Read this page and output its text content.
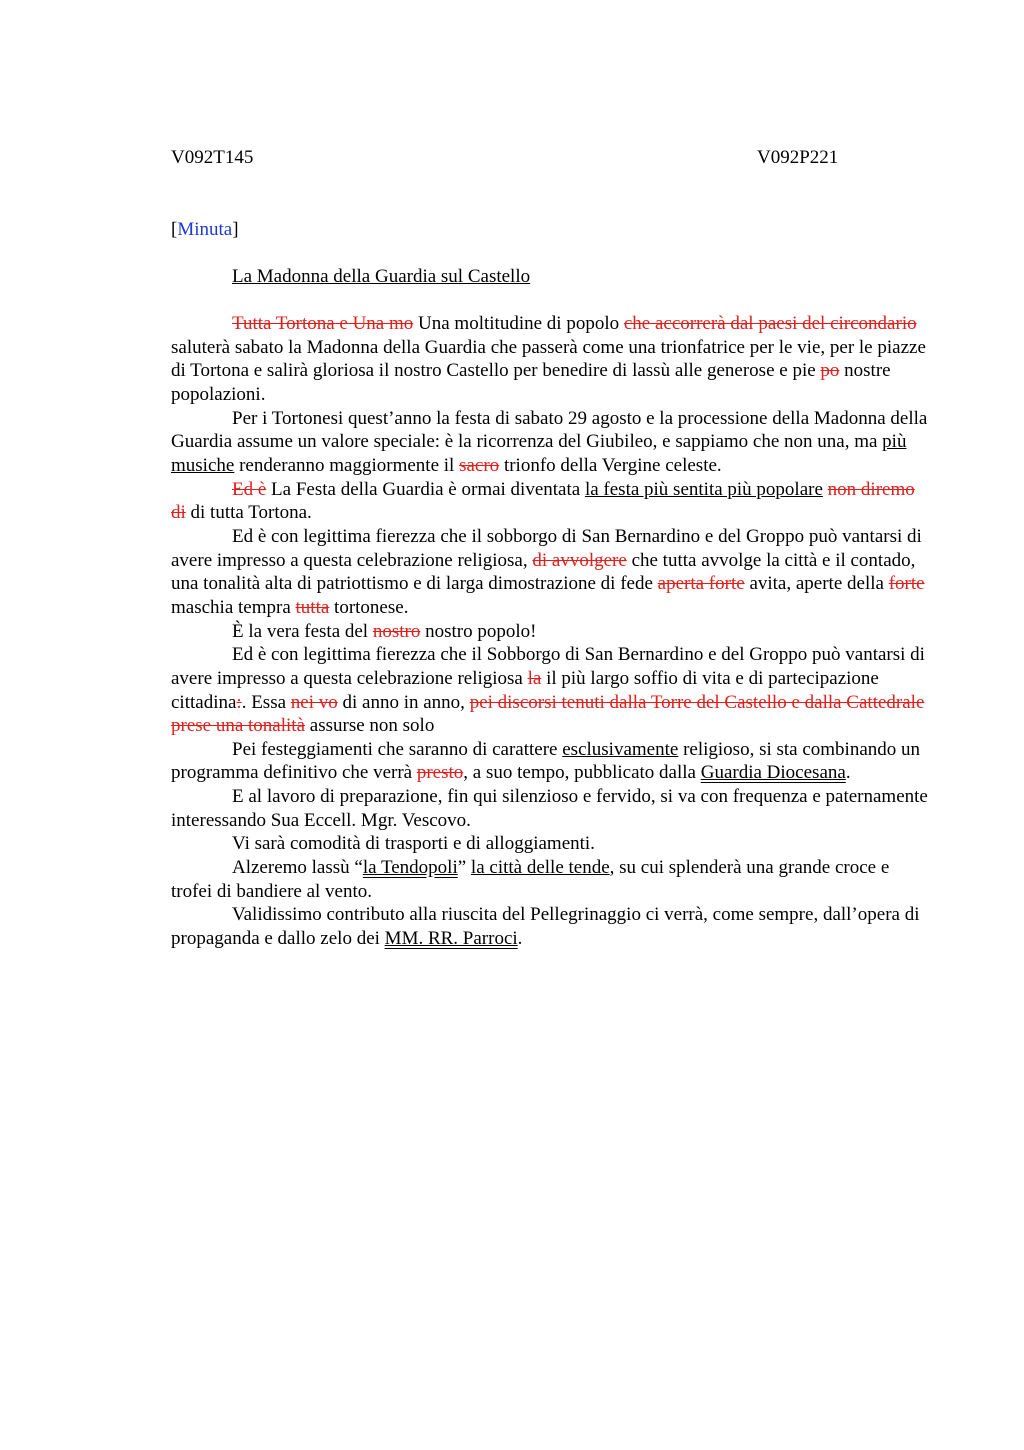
V092T145	V092P221
[Minuta]
La Madonna della Guardia sul Castello

Tutta Tortona e Una mo Una moltitudine di popolo che accorrerà dal paesi del circondario saluterà sabato la Madonna della Guardia che passerà come una trionfatrice per le vie, per le piazze di Tortona e salirà gloriosa il nostro Castello per benedire di lassù alle generose e pie po nostre popolazioni.

Per i Tortonesi quest’anno la festa di sabato 29 agosto e la processione della Madonna della Guardia assume un valore speciale: è la ricorrenza del Giubileo, e sappiamo che non una, ma più musiche renderanno maggiormente il sacro trionfo della Vergine celeste.

Ed è La Festa della Guardia è ormai diventata la festa più sentita più popolare non diremo di di tutta Tortona.

Ed è con legittima fierezza che il sobborgo di San Bernardino e del Groppo può vantarsi di avere impresso a questa celebrazione religiosa, di avvolgere che tutta avvolge la città e il contado, una tonalità alta di patriottismo e di larga dimostrazione di fede aperta forte avita, aperte della forte maschia tempra tutta tortonese.

È la vera festa del nostro nostro popolo!

Ed è con legittima fierezza che il Sobborgo di San Bernardino e del Groppo può vantarsi di avere impresso a questa celebrazione religiosa la il più largo soffio di vita e di partecipazione cittadina:. Essa nei vo di anno in anno, pei discorsi tenuti dalla Torre del Castello e dalla Cattedrale prese una tonalità assurse non solo

Pei festeggiamenti che saranno di carattere esclusivamente religioso, si sta combinando un programma definitivo che verrà presto, a suo tempo, pubblicato dalla Guardia Diocesana.

E al lavoro di preparazione, fin qui silenzioso e fervido, si va con frequenza e paternamente interessando Sua Eccell. Mgr. Vescovo.

Vi sarà comodità di trasporti e di alloggiamenti.

Alzeremo lassù “la Tendopoli” la città delle tende, su cui splenderà una grande croce e trofei di bandiere al vento.

Validissimo contributo alla riuscita del Pellegrinaggio ci verrà, come sempre, dall’opera di propaganda e dallo zelo dei MM. RR. Parroci.
